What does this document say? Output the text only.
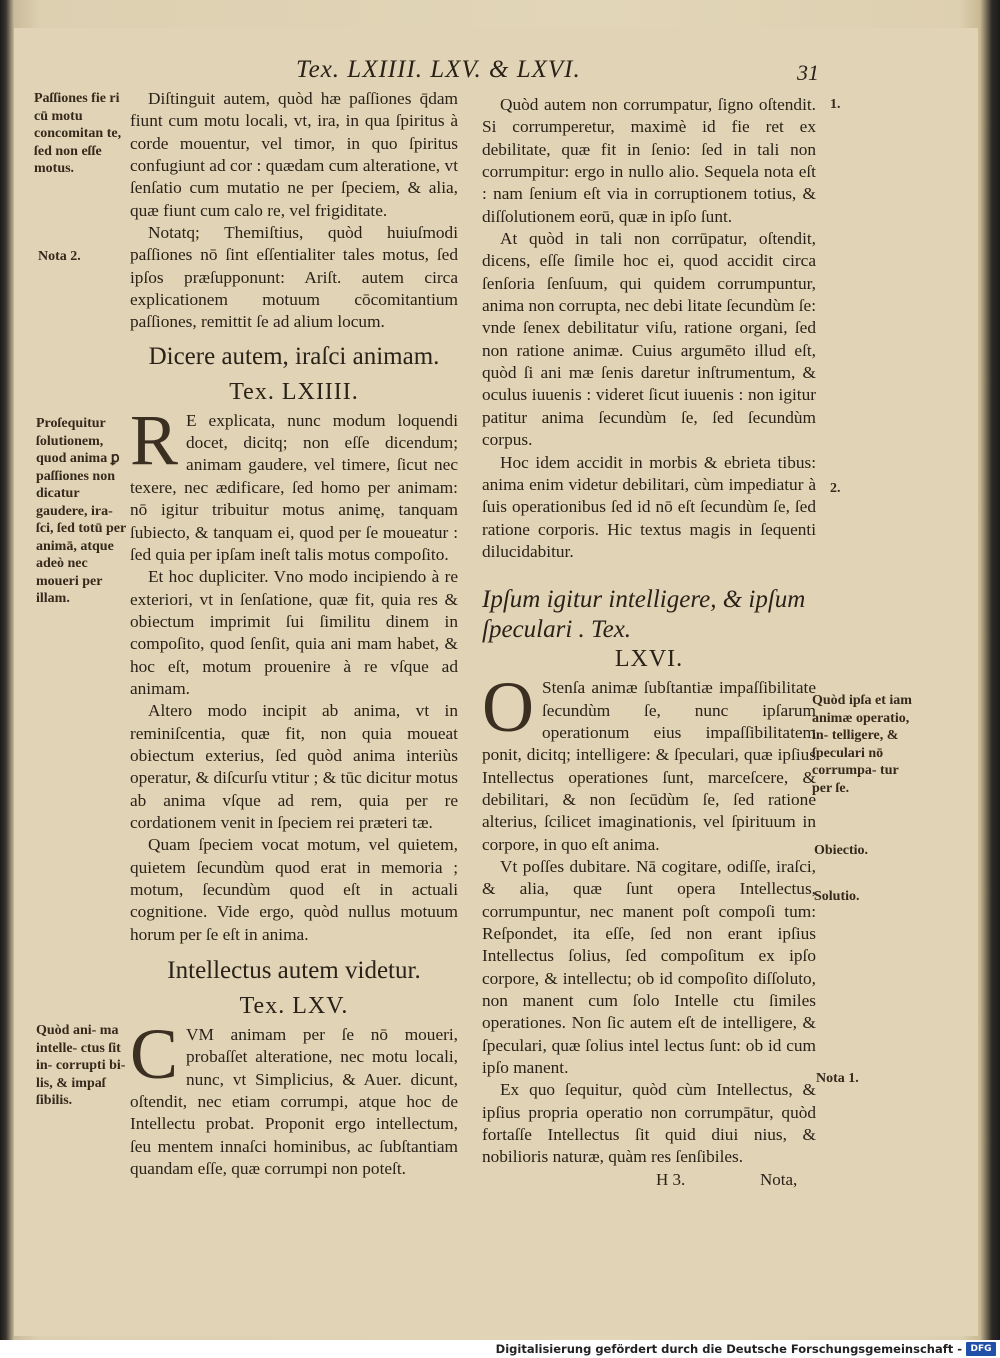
Tex. LXIIII. LXV. & LXVI.	31
Paſſiones fie ri cū motu concomitan te, ſed non eſſe motus.
Nota 2.
Proſequitur ſolutionem, quod anima ꝑ paſſiones non dicatur gaudere, ira- ſci, ſed totū per animā, atque adeò nec moueri per illam.
Quòd ani- ma intelle- ctus ſit in- corrupti bi- lis, & impaſ ſibilis.
1.
2.
Quòd ipſa et iam animæ operatio, in- telligere, & ſpeculari nō corrumpa- tur per ſe.
Obiectio.
Solutio.
Nota 1.

Diſtinguit autem, quòd hæ paſſiones q̄dam fiunt cum motu locali, vt, ira, in qua ſpiritus à corde mouentur, vel timor, in quo ſpiritus confugiunt ad cor : quædam cum alteratione, vt ſenſatio cum mutatio ne per ſpeciem, & alia, quæ fiunt cum calo re, vel frigiditate.

Notatq; Themiſtius, quòd huiuſmodi paſſiones nō ſint eſſentialiter tales motus, ſed ipſos præſupponunt: Ariſt. autem circa explicationem motuum cōcomitantium paſſiones, remittit ſe ad alium locum.

Dicere autem, iraſci animam.
Tex. LXIIII.

R E explicata, nunc modum loquendi docet, dicitq; non eſſe dicendum; animam gaudere, vel timere, ſicut nec texere, nec ædificare, ſed homo per animam: nō igitur tribuitur motus animę, tanquam ſubiecto, & tanquam ei, quod per ſe moueatur : ſed quia per ipſam ineſt talis motus compoſito.

Et hoc dupliciter. Vno modo incipiendo à re exteriori, vt in ſenſatione, quæ fit, quia res & obiectum imprimit ſui ſimilitu dinem in compoſito, quod ſenſit, quia ani mam habet, & hoc eſt, motum prouenire à re vſque ad animam.

Altero modo incipit ab anima, vt in reminiſcentia, quæ fit, non quia moueat obiectum exterius, ſed quòd anima interiùs operatur, & diſcurſu vtitur ; & tūc dicitur motus ab anima vſque ad rem, quia per re cordationem venit in ſpeciem rei præteri tæ.

Quam ſpeciem vocat motum, vel quietem, quietem ſecundùm quod erat in memoria ; motum, ſecundùm quod eſt in actuali cognitione. Vide ergo, quòd nullus motuum horum per ſe eſt in anima.

Intellectus autem videtur.
Tex. LXV.

CVM animam per ſe nō moueri, probaſſet alteratione, nec motu locali, nunc, vt Simplicius, & Auer. dicunt, oſtendit, nec etiam corrumpi, atque hoc de Intellectu probat. Proponit ergo intellectum, ſeu mentem innaſci hominibus, ac ſubſtantiam quandam eſſe, quæ corrumpi non poteſt.

Quòd autem non corrumpatur, ſigno oſtendit. Si corrumperetur, maximè id fie ret ex debilitate, quæ fit in ſenio: ſed in tali non corrumpitur: ergo in nullo alio. Sequela nota eſt : nam ſenium eſt via in corruptionem totius, & diſſolutionem eorū, quæ in ipſo ſunt.

At quòd in tali non corrūpatur, oſtendit, dicens, eſſe ſimile hoc ei, quod accidit circa ſenſoria ſenſuum, qui quidem corrumpuntur, anima non corrupta, nec debi litate ſecundùm ſe: vnde ſenex debilitatur viſu, ratione organi, ſed non ratione animæ. Cuius argumēto illud eſt, quòd ſi ani mæ ſenis daretur inſtrumentum, & oculus iuuenis : videret ſicut iuuenis : non igitur patitur anima ſecundùm ſe, ſed ſecundùm corpus.

Hoc idem accidit in morbis & ebrieta tibus: anima enim videtur debilitari, cùm impediatur à ſuis operationibus ſed id nō eſt ſecundùm ſe, ſed ratione corporis. Hic textus magis in ſequenti dilucidabitur.

Ipſum igitur intelligere, & ipſum ſpeculari . Tex.
LXVI.

O Stenſa animæ ſubſtantiæ impaſſibilitate ſecundùm ſe, nunc ipſarum operationum eius impaſſibilitatem ponit, dicitq; intelligere: & ſpeculari, quæ ipſius Intellectus operationes ſunt, marceſcere, & debilitari, & non ſecūdùm ſe, ſed ratione alterius, ſcilicet imaginationis, vel ſpirituum in corpore, in quo eſt anima.

Vt poſſes dubitare. Nā cogitare, odiſſe, iraſci, & alia, quæ ſunt opera Intellectus, corrumpuntur, nec manent poſt compoſi tum: Reſpondet, ita eſſe, ſed non erant ipſius Intellectus ſolius, ſed compoſitum ex ipſo corpore, & intellectu; ob id compoſito diſſoluto, non manent cum ſolo Intelle ctu ſimiles operationes. Non ſic autem eſt de intelligere, & ſpeculari, quæ ſolius intel lectus ſunt: ob id cum ipſo manent.

Ex quo ſequitur, quòd cùm Intellectus, & ipſius propria operatio non corrumpātur, quòd fortaſſe Intellectus ſit quid diui nius, & nobilioris naturæ, quàm res ſenſibiles.

H 3.	Nota,
Digitalisierung gefördert durch die Deutsche Forschungsgemeinschaft - DFG
